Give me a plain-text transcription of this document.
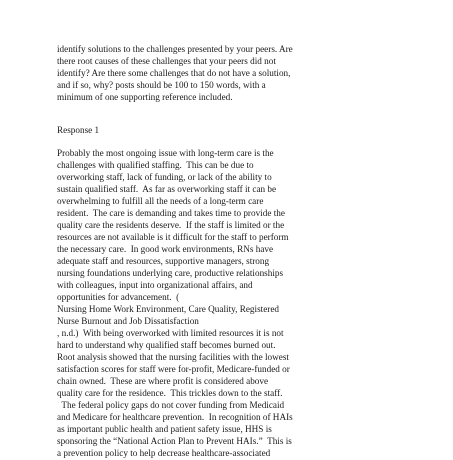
identify solutions to the challenges presented by your peers. Are
there root causes of these challenges that your peers did not
identify? Are there some challenges that do not have a solution,
and if so, why? posts should be 100 to 150 words, with a
minimum of one supporting reference included.
Response 1
Probably the most ongoing issue with long-term care is the
challenges with qualified staffing.  This can be due to
overworking staff, lack of funding, or lack of the ability to
sustain qualified staff.  As far as overworking staff it can be
overwhelming to fulfill all the needs of a long-term care
resident.  The care is demanding and takes time to provide the
quality care the residents deserve.  If the staff is limited or the
resources are not available is it difficult for the staff to perform
the necessary care.  In good work environments, RNs have
adequate staff and resources, supportive managers, strong
nursing foundations underlying care, productive relationships
with colleagues, input into organizational affairs, and
opportunities for advancement.  (
Nursing Home Work Environment, Care Quality, Registered
Nurse Burnout and Job Dissatisfaction
, n.d.)  With being overworked with limited resources it is not
hard to understand why qualified staff becomes burned out.
Root analysis showed that the nursing facilities with the lowest
satisfaction scores for staff were for-profit, Medicare-funded or
chain owned.  These are where profit is considered above
quality care for the residence.  This trickles down to the staff.
The federal policy gaps do not cover funding from Medicaid
and Medicare for healthcare prevention.  In recognition of HAIs
as important public health and patient safety issue, HHS is
sponsoring the “National Action Plan to Prevent HAIs.”  This is
a prevention policy to help decrease healthcare-associated
